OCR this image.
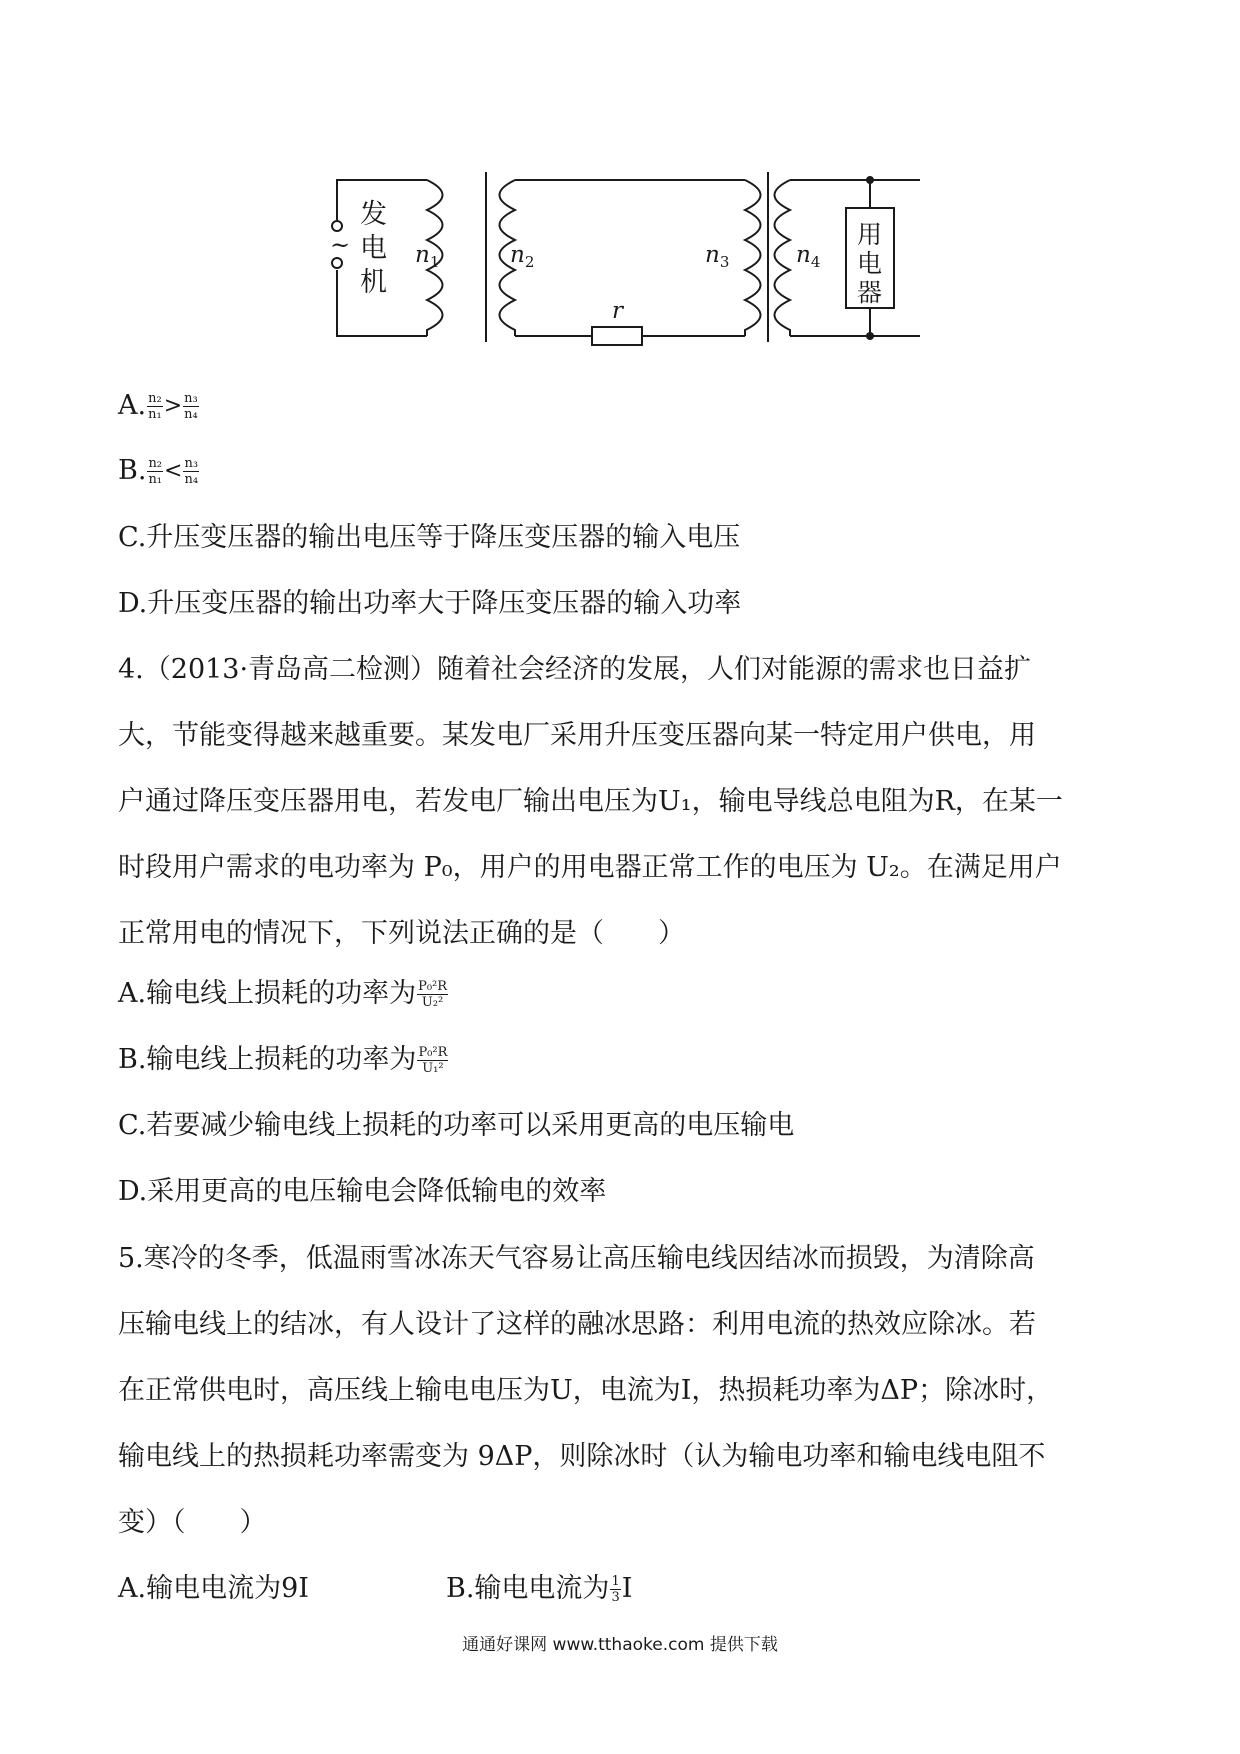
发
电
机
~	$n_1$	$n_2$	$n_3$	$n_4$
r
用
电
器
A. $\frac{\text{n₂}}{\text{n₁}} > \frac{\text{n₃}}{\text{n₄}}$
B. $\frac{\text{n₂}}{\text{n₁}} < \frac{\text{n₃}}{\text{n₄}}$
C.升压变压器的输出电压等于降压变压器的输入电压
D.升压变压器的输出功率大于降压变压器的输入功率
4.（2013·青岛高二检测）随着社会经济的发展，人们对能源的需求也日益扩
大，节能变得越来越重要。某发电厂采用升压变压器向某一特定用户供电，用
户通过降压变压器用电，若发电厂输出电压为U₁，输电导线总电阻为R，在某一
时段用户需求的电功率为 P₀，用户的用电器正常工作的电压为 U₂。在满足用户
正常用电的情况下，下列说法正确的是（　　）
A.输电线上损耗的功率为 $\frac{\text{P₀²R}}{\text{U₂²}}$
B.输电线上损耗的功率为 $\frac{\text{P₀²R}}{\text{U₁²}}$
C.若要减少输电线上损耗的功率可以采用更高的电压输电
D.采用更高的电压输电会降低输电的效率
5.寒冷的冬季，低温雨雪冰冻天气容易让高压输电线因结冰而损毁，为清除高
压输电线上的结冰，有人设计了这样的融冰思路：利用电流的热效应除冰。若
在正常供电时，高压线上输电电压为U，电流为I，热损耗功率为ΔP；除冰时，
输电线上的热损耗功率需变为 9ΔP，则除冰时（认为输电功率和输电线电阻不
变）（　　）
A.输电电流为9I	B.输电电流为 $\frac{1}{3}$ I
通通好课网 www.tthaoke.com 提供下载
